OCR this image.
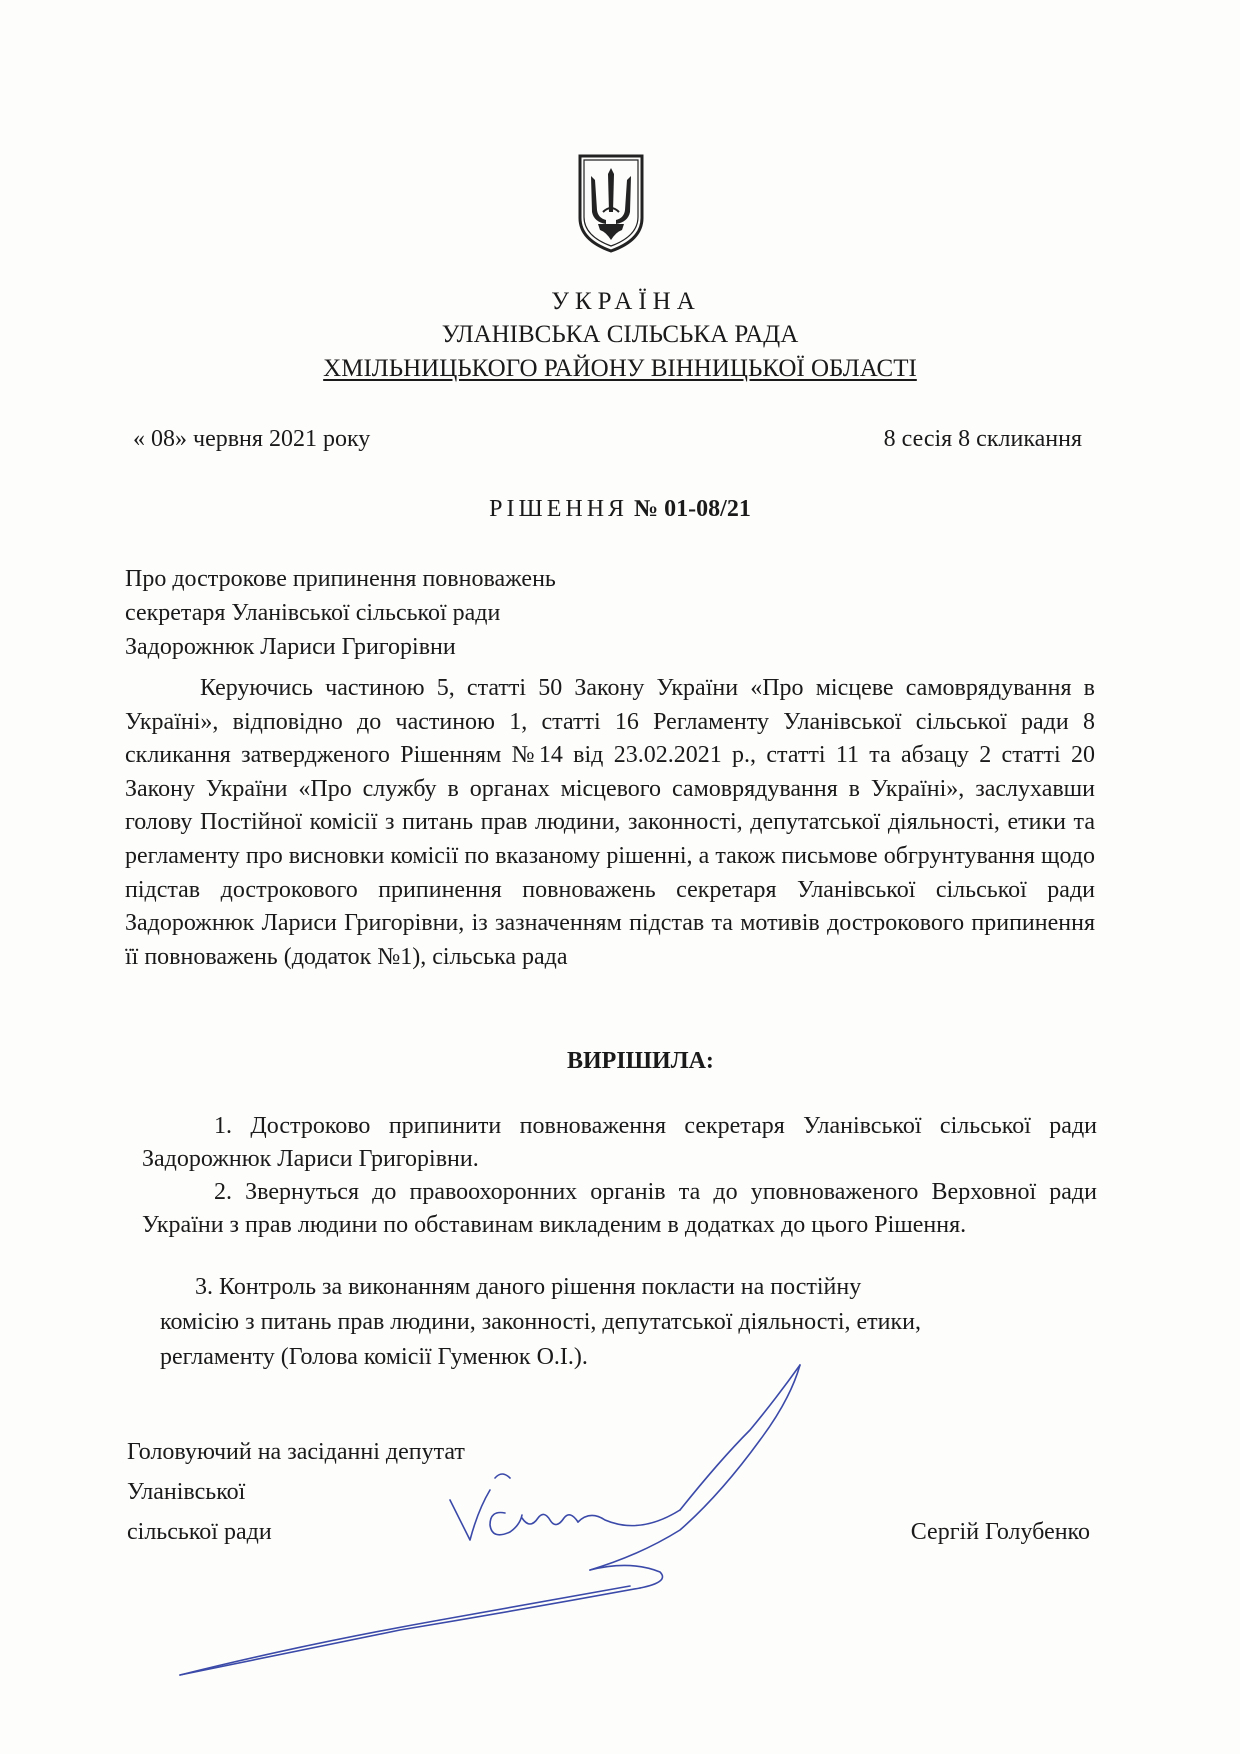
УКРАЇНА
УЛАНІВСЬКА СІЛЬСЬКА РАДА
ХМІЛЬНИЦЬКОГО РАЙОНУ ВІННИЦЬКОЇ ОБЛАСТІ
« 08» червня 2021 року	8 сесія 8 скликання
РІШЕННЯ № 01-08/21
Про дострокове припинення повноважень
секретаря Уланівської сільської ради
Задорожнюк Лариси Григорівни

Керуючись частиною 5, статті 50 Закону України «Про місцеве самоврядування в Україні», відповідно до частиною 1, статті 16 Регламенту Уланівської сільської ради 8 скликання затвердженого Рішенням №14 від 23.02.2021 р., статті 11 та абзацу 2 статті 20 Закону України «Про службу в органах місцевого самоврядування в Україні», заслухавши голову Постійної комісії з питань прав людини, законності, депутатської діяльності, етики та регламенту про висновки комісії по вказаному рішенні, а також письмове обгрунтування щодо підстав дострокового припинення повноважень секретаря Уланівської сільської ради Задорожнюк Лариси Григорівни, із зазначенням підстав та мотивів дострокового припинення її повноважень (додаток №1), сільська рада

ВИРІШИЛА:

1. Достроково припинити повноваження секретаря Уланівської сільської ради Задорожнюк Лариси Григорівни.

2. Звернуться до правоохоронних органів та до уповноваженого Верховної ради України з прав людини по обставинам викладеним в додатках до цього Рішення.

3. Контроль за виконанням даного рішення покласти на постійну
комісію з питань прав людини, законності, депутатської діяльності, етики,
регламенту (Голова комісії Гуменюк О.І.).
Головуючий на засіданні депутат
Уланівської
сільської ради	Сергій Голубенко
